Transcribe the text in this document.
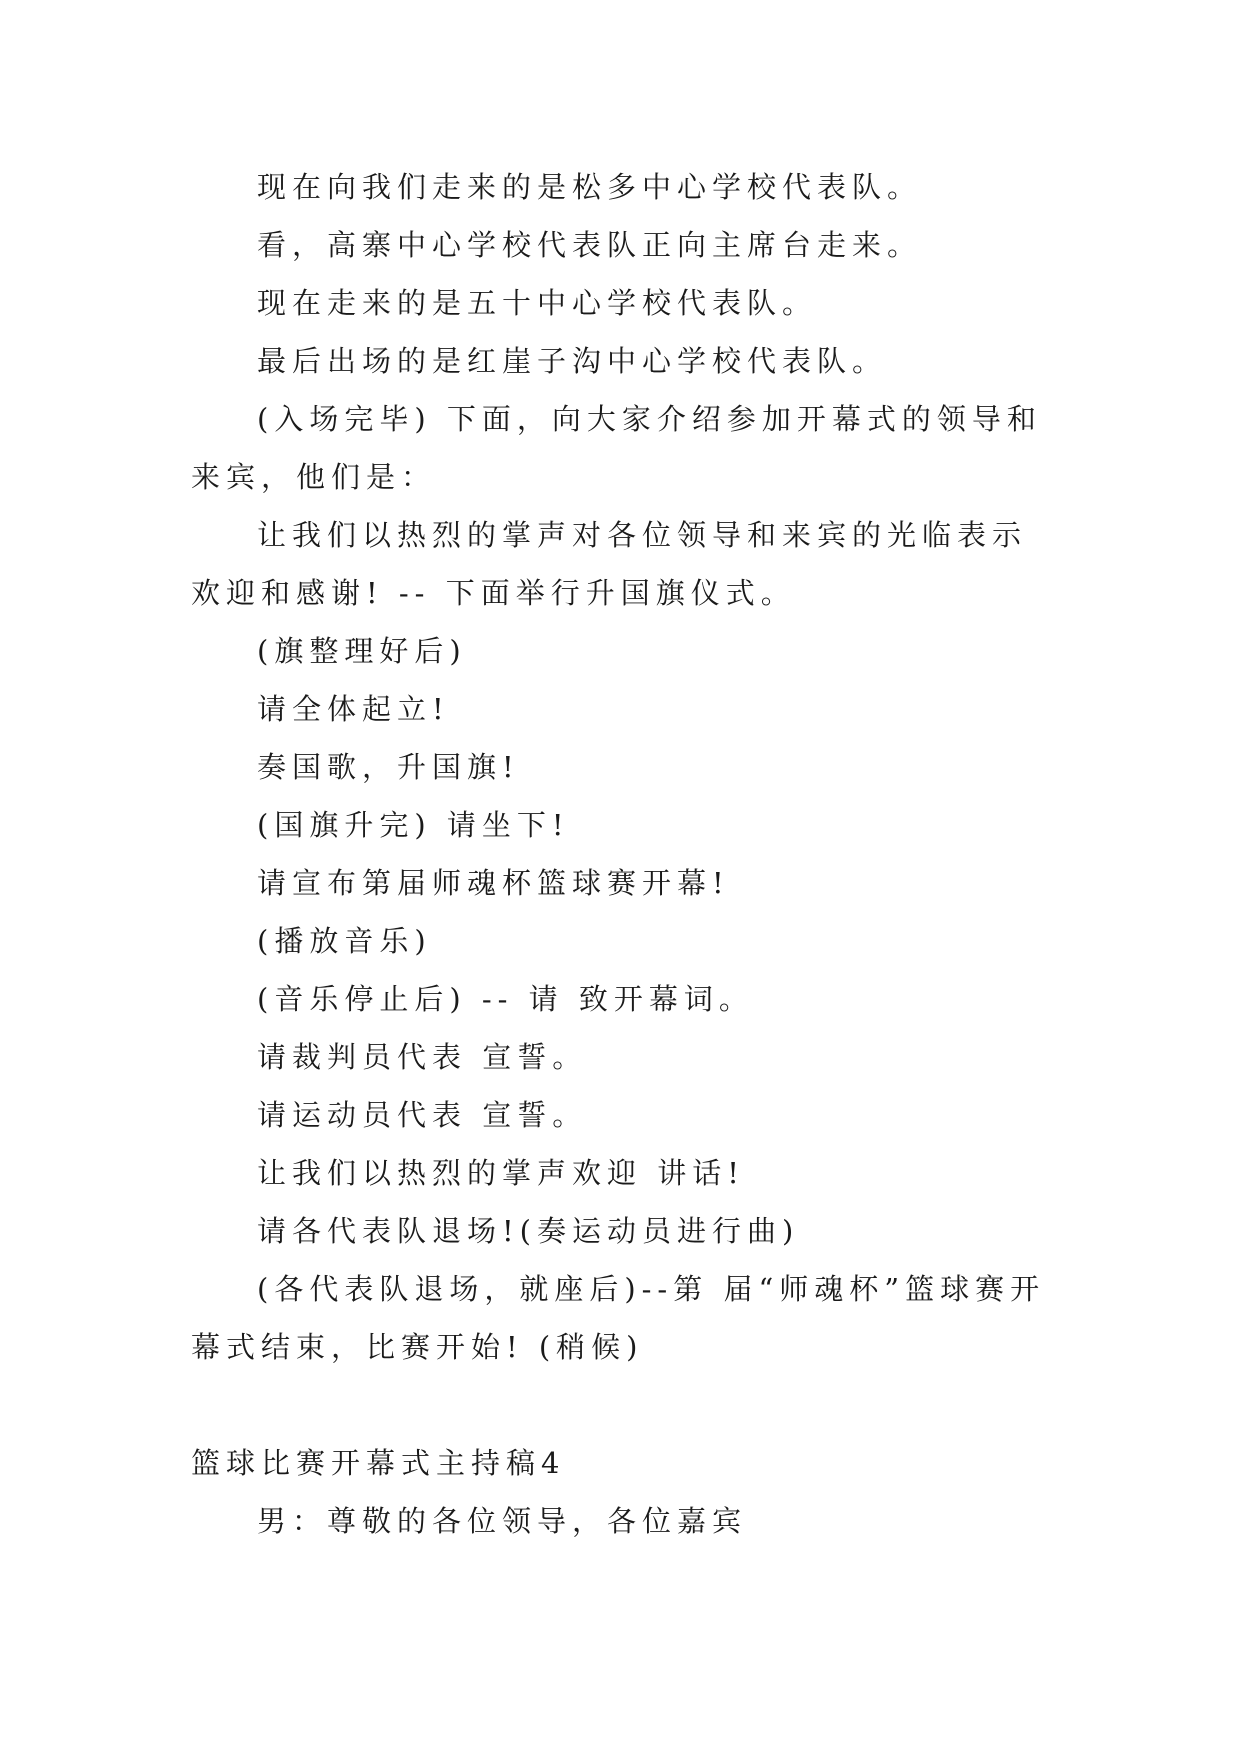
现在向我们走来的是松多中心学校代表队。

看，高寨中心学校代表队正向主席台走来。

现在走来的是五十中心学校代表队。

最后出场的是红崖子沟中心学校代表队。

(入场完毕) 下面，向大家介绍参加开幕式的领导和来宾，他们是：

让我们以热烈的掌声对各位领导和来宾的光临表示欢迎和感谢! -- 下面举行升国旗仪式。

(旗整理好后)

请全体起立!

奏国歌，升国旗!

(国旗升完) 请坐下!

请宣布第届师魂杯篮球赛开幕!

(播放音乐)

(音乐停止后) -- 请 致开幕词。

请裁判员代表 宣誓。

请运动员代表 宣誓。

让我们以热烈的掌声欢迎 讲话!

请各代表队退场!(奏运动员进行曲)

(各代表队退场，就座后)--第 届“师魂杯”篮球赛开幕式结束，比赛开始! (稍候)

篮球比赛开幕式主持稿4

男：尊敬的各位领导，各位嘉宾
